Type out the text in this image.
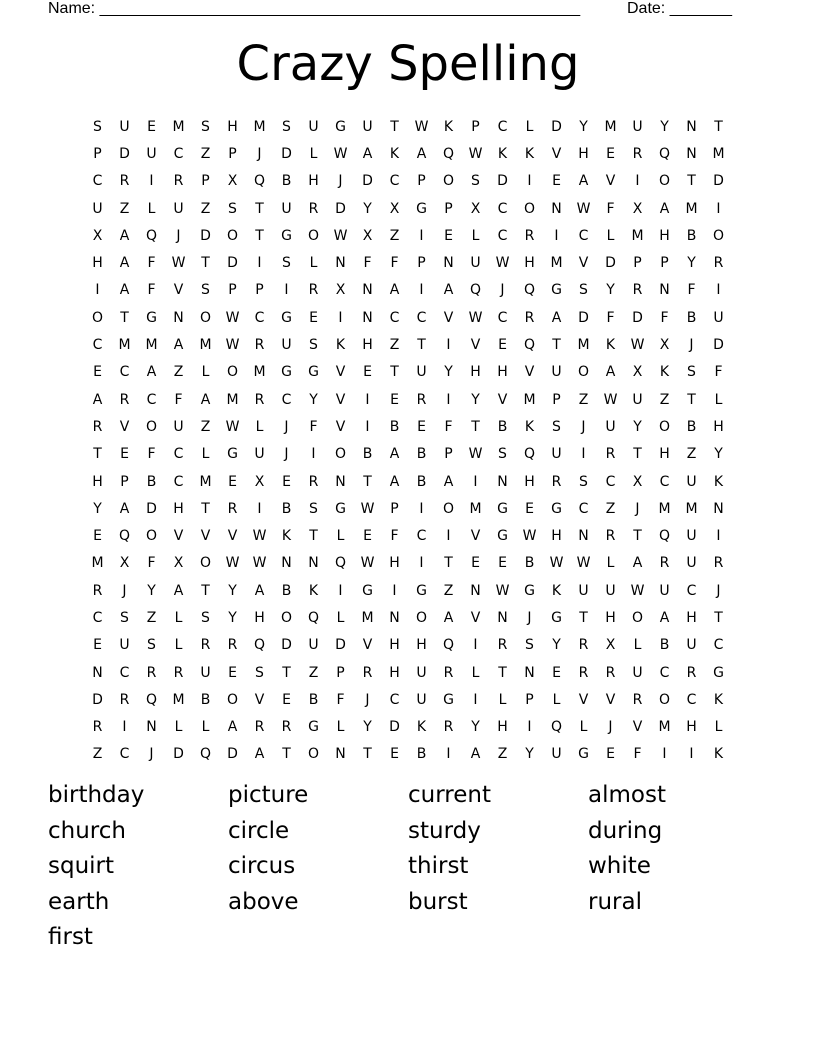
Name: ______________________________________________________	Date: _______
Crazy Spelling
S	U	E	M	S	H	M	S	U	G	U	T	W	K	P	C	L	D	Y	M	U	Y	N	T
P	D	U	C	Z	P	J	D	L	W	A	K	A	Q	W	K	K	V	H	E	R	Q	N	M
C	R	I	R	P	X	Q	B	H	J	D	C	P	O	S	D	I	E	A	V	I	O	T	D
U	Z	L	U	Z	S	T	U	R	D	Y	X	G	P	X	C	O	N	W	F	X	A	M	I
X	A	Q	J	D	O	T	G	O	W	X	Z	I	E	L	C	R	I	C	L	M	H	B	O
H	A	F	W	T	D	I	S	L	N	F	F	P	N	U	W	H	M	V	D	P	P	Y	R
I	A	F	V	S	P	P	I	R	X	N	A	I	A	Q	J	Q	G	S	Y	R	N	F	I
O	T	G	N	O	W	C	G	E	I	N	C	C	V	W	C	R	A	D	F	D	F	B	U
C	M	M	A	M	W	R	U	S	K	H	Z	T	I	V	E	Q	T	M	K	W	X	J	D
E	C	A	Z	L	O	M	G	G	V	E	T	U	Y	H	H	V	U	O	A	X	K	S	F
A	R	C	F	A	M	R	C	Y	V	I	E	R	I	Y	V	M	P	Z	W	U	Z	T	L
R	V	O	U	Z	W	L	J	F	V	I	B	E	F	T	B	K	S	J	U	Y	O	B	H
T	E	F	C	L	G	U	J	I	O	B	A	B	P	W	S	Q	U	I	R	T	H	Z	Y
H	P	B	C	M	E	X	E	R	N	T	A	B	A	I	N	H	R	S	C	X	C	U	K
Y	A	D	H	T	R	I	B	S	G	W	P	I	O	M	G	E	G	C	Z	J	M	M	N
E	Q	O	V	V	V	W	K	T	L	E	F	C	I	V	G	W	H	N	R	T	Q	U	I
M	X	F	X	O	W W	N	N	Q	W	H	I	T	E	E	B	W W	L	A	R	U	R
R	J	Y	A	T	Y	A	B	K	I	G	I	G	Z	N	W	G	K	U	U	W	U	C	J
C	S	Z	L	S	Y	H	O	Q	L	M	N	O	A	V	N	J	G	T	H	O	A	H	T
E	U	S	L	R	R	Q	D	U	D	V	H	H	Q	I	R	S	Y	R	X	L	B	U	C
N	C	R	R	U	E	S	T	Z	P	R	H	U	R	L	T	N	E	R	R	U	C	R	G
D	R	Q	M	B	O	V	E	B	F	J	C	U	G	I	L	P	L	V	V	R	O	C	K
R	I	N	L	L	A	R	R	G	L	Y	D	K	R	Y	H	I	Q	L	J	V	M	H	L
Z	C	J	D	Q	D	A	T	O	N	T	E	B	I	A	Z	Y	U	G	E	F	I	I	K
birthday	picture	current	almost
church	circle	sturdy	during
squirt	circus	thirst	white
earth	above	burst	rural
first
